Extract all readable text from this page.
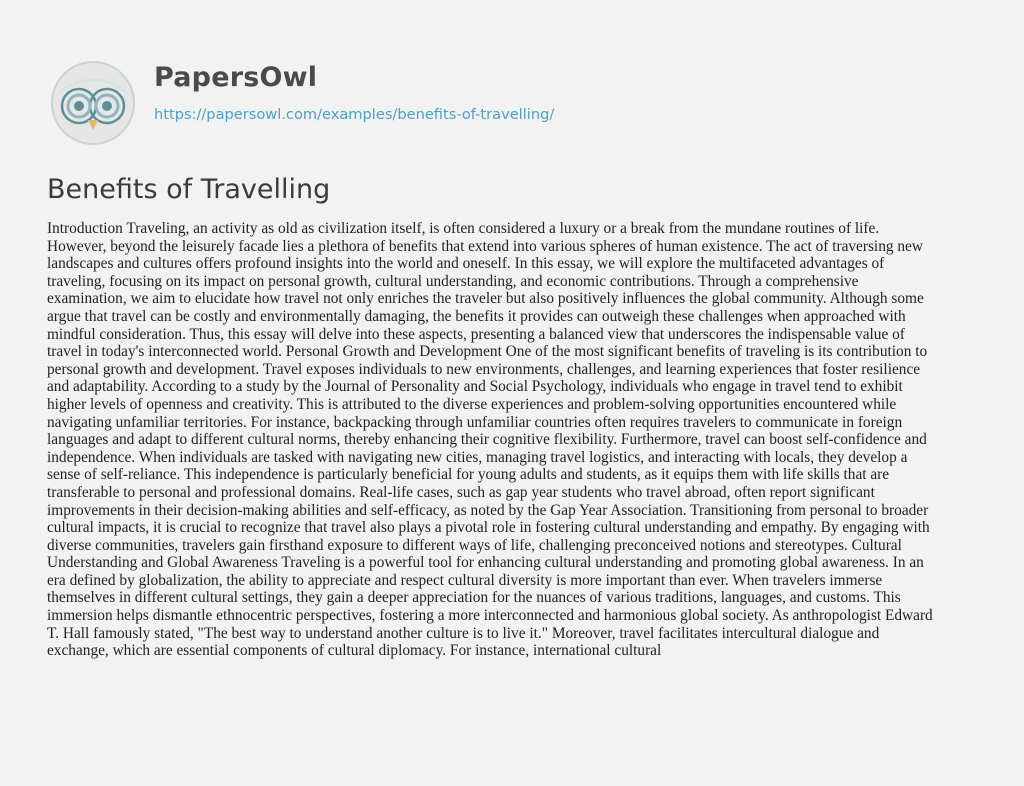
PapersOwl
https://papersowl.com/examples/benefits-of-travelling/
Benefits of Travelling
Introduction Traveling, an activity as old as civilization itself, is often considered a luxury or a break from the mundane routines of life.
However, beyond the leisurely facade lies a plethora of benefits that extend into various spheres of human existence. The act of traversing new
landscapes and cultures offers profound insights into the world and oneself. In this essay, we will explore the multifaceted advantages of
traveling, focusing on its impact on personal growth, cultural understanding, and economic contributions. Through a comprehensive
examination, we aim to elucidate how travel not only enriches the traveler but also positively influences the global community. Although some
argue that travel can be costly and environmentally damaging, the benefits it provides can outweigh these challenges when approached with
mindful consideration. Thus, this essay will delve into these aspects, presenting a balanced view that underscores the indispensable value of
travel in today's interconnected world. Personal Growth and Development One of the most significant benefits of traveling is its contribution to
personal growth and development. Travel exposes individuals to new environments, challenges, and learning experiences that foster resilience
and adaptability. According to a study by the Journal of Personality and Social Psychology, individuals who engage in travel tend to exhibit
higher levels of openness and creativity. This is attributed to the diverse experiences and problem-solving opportunities encountered while
navigating unfamiliar territories. For instance, backpacking through unfamiliar countries often requires travelers to communicate in foreign
languages and adapt to different cultural norms, thereby enhancing their cognitive flexibility. Furthermore, travel can boost self-confidence and
independence. When individuals are tasked with navigating new cities, managing travel logistics, and interacting with locals, they develop a
sense of self-reliance. This independence is particularly beneficial for young adults and students, as it equips them with life skills that are
transferable to personal and professional domains. Real-life cases, such as gap year students who travel abroad, often report significant
improvements in their decision-making abilities and self-efficacy, as noted by the Gap Year Association. Transitioning from personal to broader
cultural impacts, it is crucial to recognize that travel also plays a pivotal role in fostering cultural understanding and empathy. By engaging with
diverse communities, travelers gain firsthand exposure to different ways of life, challenging preconceived notions and stereotypes. Cultural
Understanding and Global Awareness Traveling is a powerful tool for enhancing cultural understanding and promoting global awareness. In an
era defined by globalization, the ability to appreciate and respect cultural diversity is more important than ever. When travelers immerse
themselves in different cultural settings, they gain a deeper appreciation for the nuances of various traditions, languages, and customs. This
immersion helps dismantle ethnocentric perspectives, fostering a more interconnected and harmonious global society. As anthropologist Edward
T. Hall famously stated, "The best way to understand another culture is to live it." Moreover, travel facilitates intercultural dialogue and
exchange, which are essential components of cultural diplomacy. For instance, international cultural
